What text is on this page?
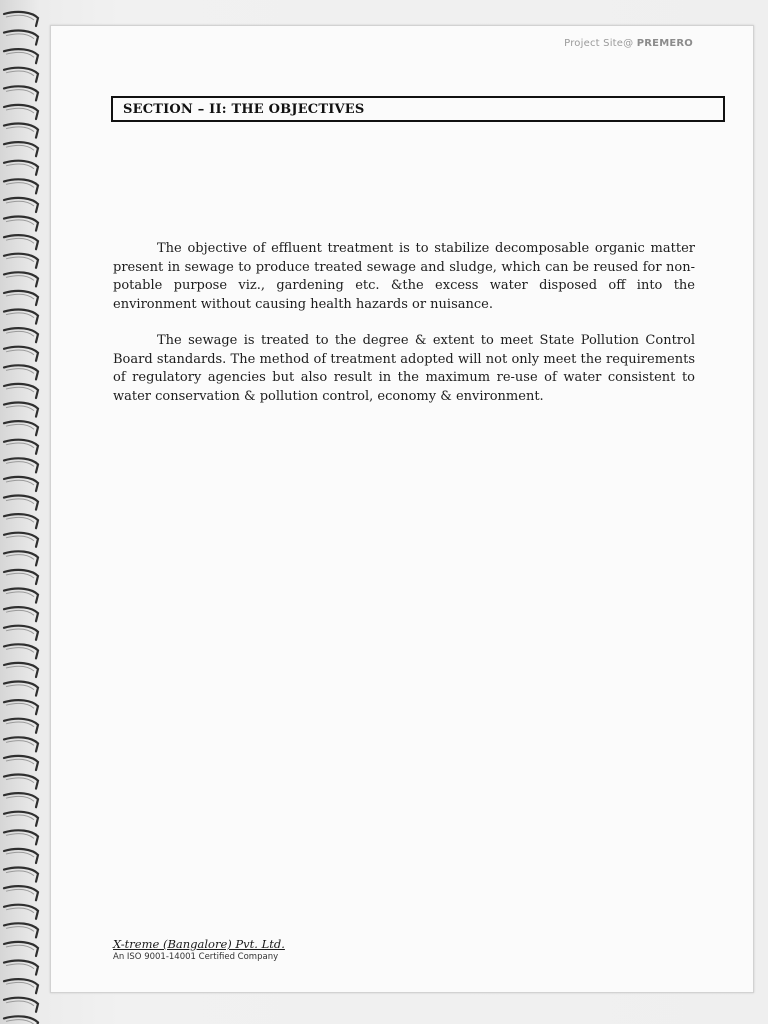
Project Site@ PREMERO
SECTION – II: THE OBJECTIVES

The objective of effluent treatment is to stabilize decomposable organic matter present in sewage to produce treated sewage and sludge, which can be reused for non-potable purpose viz., gardening etc. &the excess water disposed off into the environment without causing health hazards or nuisance.

The sewage is treated to the degree & extent to meet State Pollution Control Board standards. The method of treatment adopted will not only meet the requirements of regulatory agencies but also result in the maximum re-use of water consistent to water conservation & pollution control, economy & environment.

X-treme (Bangalore) Pvt. Ltd.
An ISO 9001-14001 Certified Company
